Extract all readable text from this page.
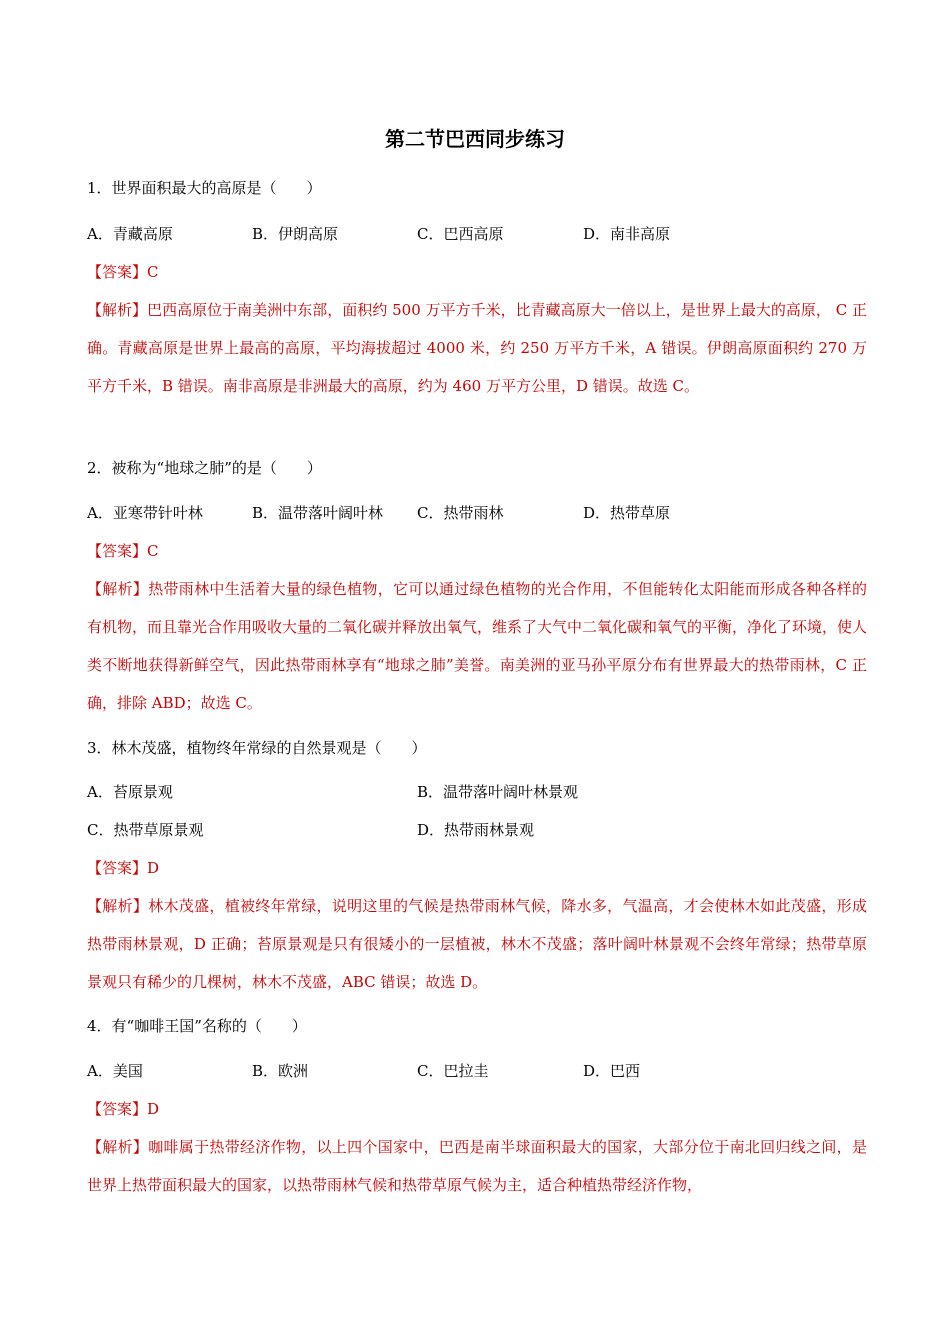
第二节巴西同步练习
1．世界面积最大的高原是（　　）
A．青藏高原	B．伊朗高原	C．巴西高原	D．南非高原
【答案】C
【解析】巴西高原位于南美洲中东部，面积约 500 万平方千米，比青藏高原大一倍以上，是世界上最大的高原， C 正确。青藏高原是世界上最高的高原，平均海拔超过 4000 米，约 250 万平方千米，A 错误。伊朗高原面积约 270 万平方千米，B 错误。南非高原是非洲最大的高原，约为 460 万平方公里，D 错误。故选 C。
2．被称为“地球之肺”的是（　　）
A．亚寒带针叶林	B．温带落叶阔叶林 C．热带雨林	D．热带草原
【答案】C
【解析】热带雨林中生活着大量的绿色植物，它可以通过绿色植物的光合作用，不但能转化太阳能而形成各种各样的有机物，而且靠光合作用吸收大量的二氧化碳并释放出氧气，维系了大气中二氧化碳和氧气的平衡，净化了环境，使人类不断地获得新鲜空气，因此热带雨林享有“地球之肺”美誉。南美洲的亚马孙平原分布有世界最大的热带雨林，C 正确，排除 ABD；故选 C。
3．林木茂盛，植物终年常绿的自然景观是（　　）
A．苔原景观	B．温带落叶阔叶林景观
C．热带草原景观	D．热带雨林景观
【答案】D
【解析】林木茂盛，植被终年常绿，说明这里的气候是热带雨林气候，降水多，气温高，才会使林木如此茂盛，形成热带雨林景观，D 正确；苔原景观是只有很矮小的一层植被，林木不茂盛；落叶阔叶林景观不会终年常绿；热带草原景观只有稀少的几棵树，林木不茂盛，ABC 错误；故选 D。
4．有“咖啡王国”名称的（　　）
A．美国	B．欧洲	C．巴拉圭	D．巴西
【答案】D
【解析】咖啡属于热带经济作物，以上四个国家中，巴西是南半球面积最大的国家，大部分位于南北回归线之间，是世界上热带面积最大的国家，以热带雨林气候和热带草原气候为主，适合种植热带经济作物，
